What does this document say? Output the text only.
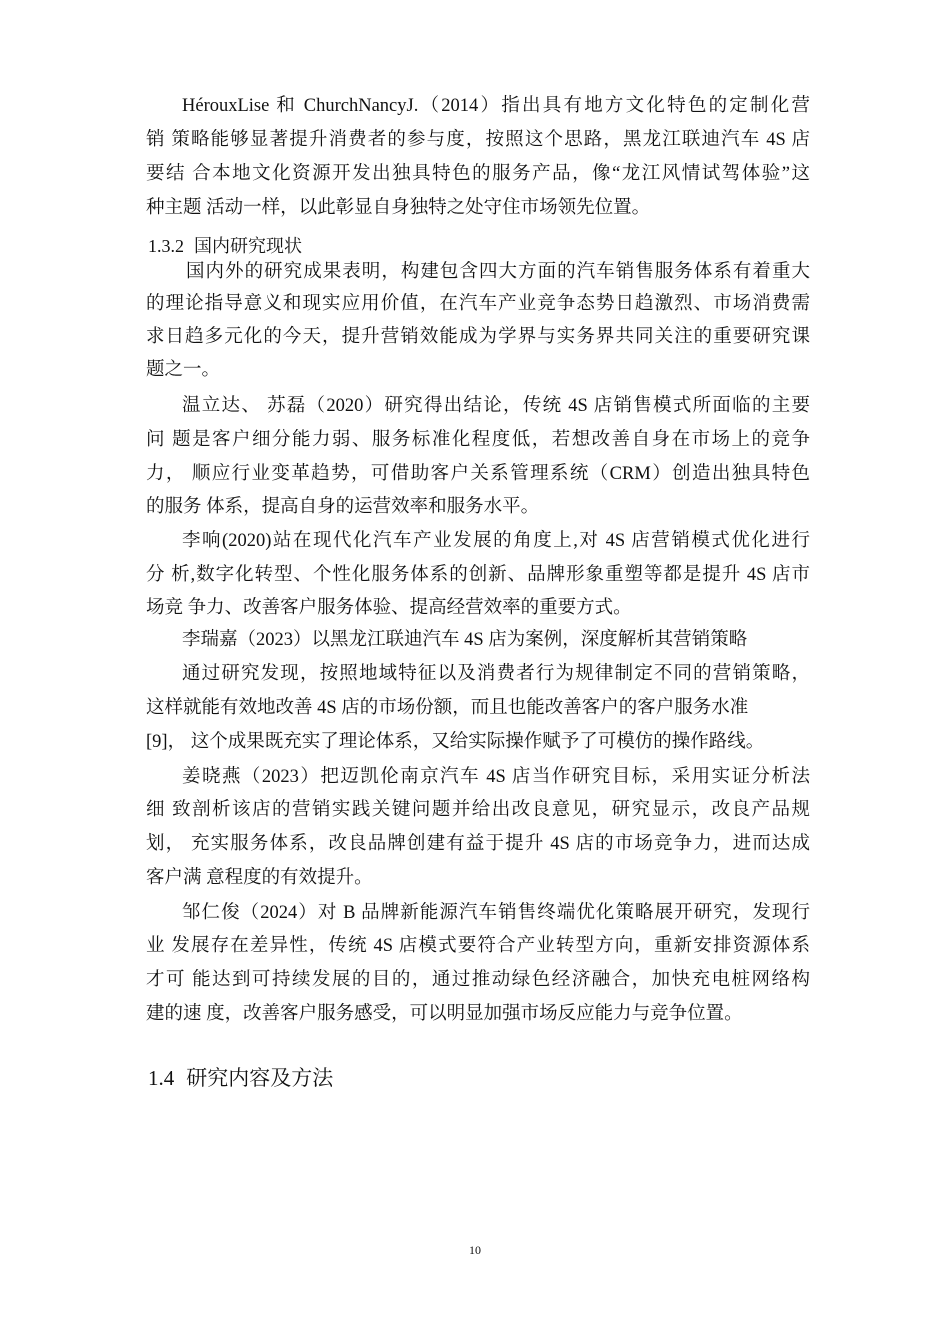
HérouxLise 和 ChurchNancyJ.（2014）指出具有地方文化特色的定制化营
销 策略能够显著提升消费者的参与度，按照这个思路，黑龙江联迪汽车 4S 店
要结 合本地文化资源开发出独具特色的服务产品，像“龙江风情试驾体验”这
种主题 活动一样，以此彰显自身独特之处守住市场领先位置。
1.3.2 国内研究现状
国内外的研究成果表明，构建包含四大方面的汽车销售服务体系有着重大
的理论指导意义和现实应用价值，在汽车产业竞争态势日趋激烈、市场消费需
求日趋多元化的今天，提升营销效能成为学界与实务界共同关注的重要研究课
题之一。
温立达、 苏磊（2020）研究得出结论，传统 4S 店销售模式所面临的主要
问 题是客户细分能力弱、服务标准化程度低，若想改善自身在市场上的竞争
力， 顺应行业变革趋势，可借助客户关系管理系统（CRM）创造出独具特色
的服务 体系，提高自身的运营效率和服务水平。
李响(2020)站在现代化汽车产业发展的角度上,对 4S 店营销模式优化进行
分 析,数字化转型、个性化服务体系的创新、品牌形象重塑等都是提升 4S 店市
场竞 争力、改善客户服务体验、提高经营效率的重要方式。
李瑞嘉（2023）以黑龙江联迪汽车 4S 店为案例，深度解析其营销策略
通过研究发现，按照地域特征以及消费者行为规律制定不同的营销策略，
这样就能有效地改善 4S 店的市场份额，而且也能改善客户的客户服务水准
[9]， 这个成果既充实了理论体系，又给实际操作赋予了可模仿的操作路线。
姜晓燕（2023）把迈凯伦南京汽车 4S 店当作研究目标，采用实证分析法
细 致剖析该店的营销实践关键问题并给出改良意见，研究显示，改良产品规
划， 充实服务体系，改良品牌创建有益于提升 4S 店的市场竞争力，进而达成
客户满 意程度的有效提升。
邹仁俊（2024）对 B 品牌新能源汽车销售终端优化策略展开研究，发现行
业 发展存在差异性，传统 4S 店模式要符合产业转型方向，重新安排资源体系
才可 能达到可持续发展的目的，通过推动绿色经济融合，加快充电桩网络构
建的速 度，改善客户服务感受，可以明显加强市场反应能力与竞争位置。
1.4 研究内容及方法
10
